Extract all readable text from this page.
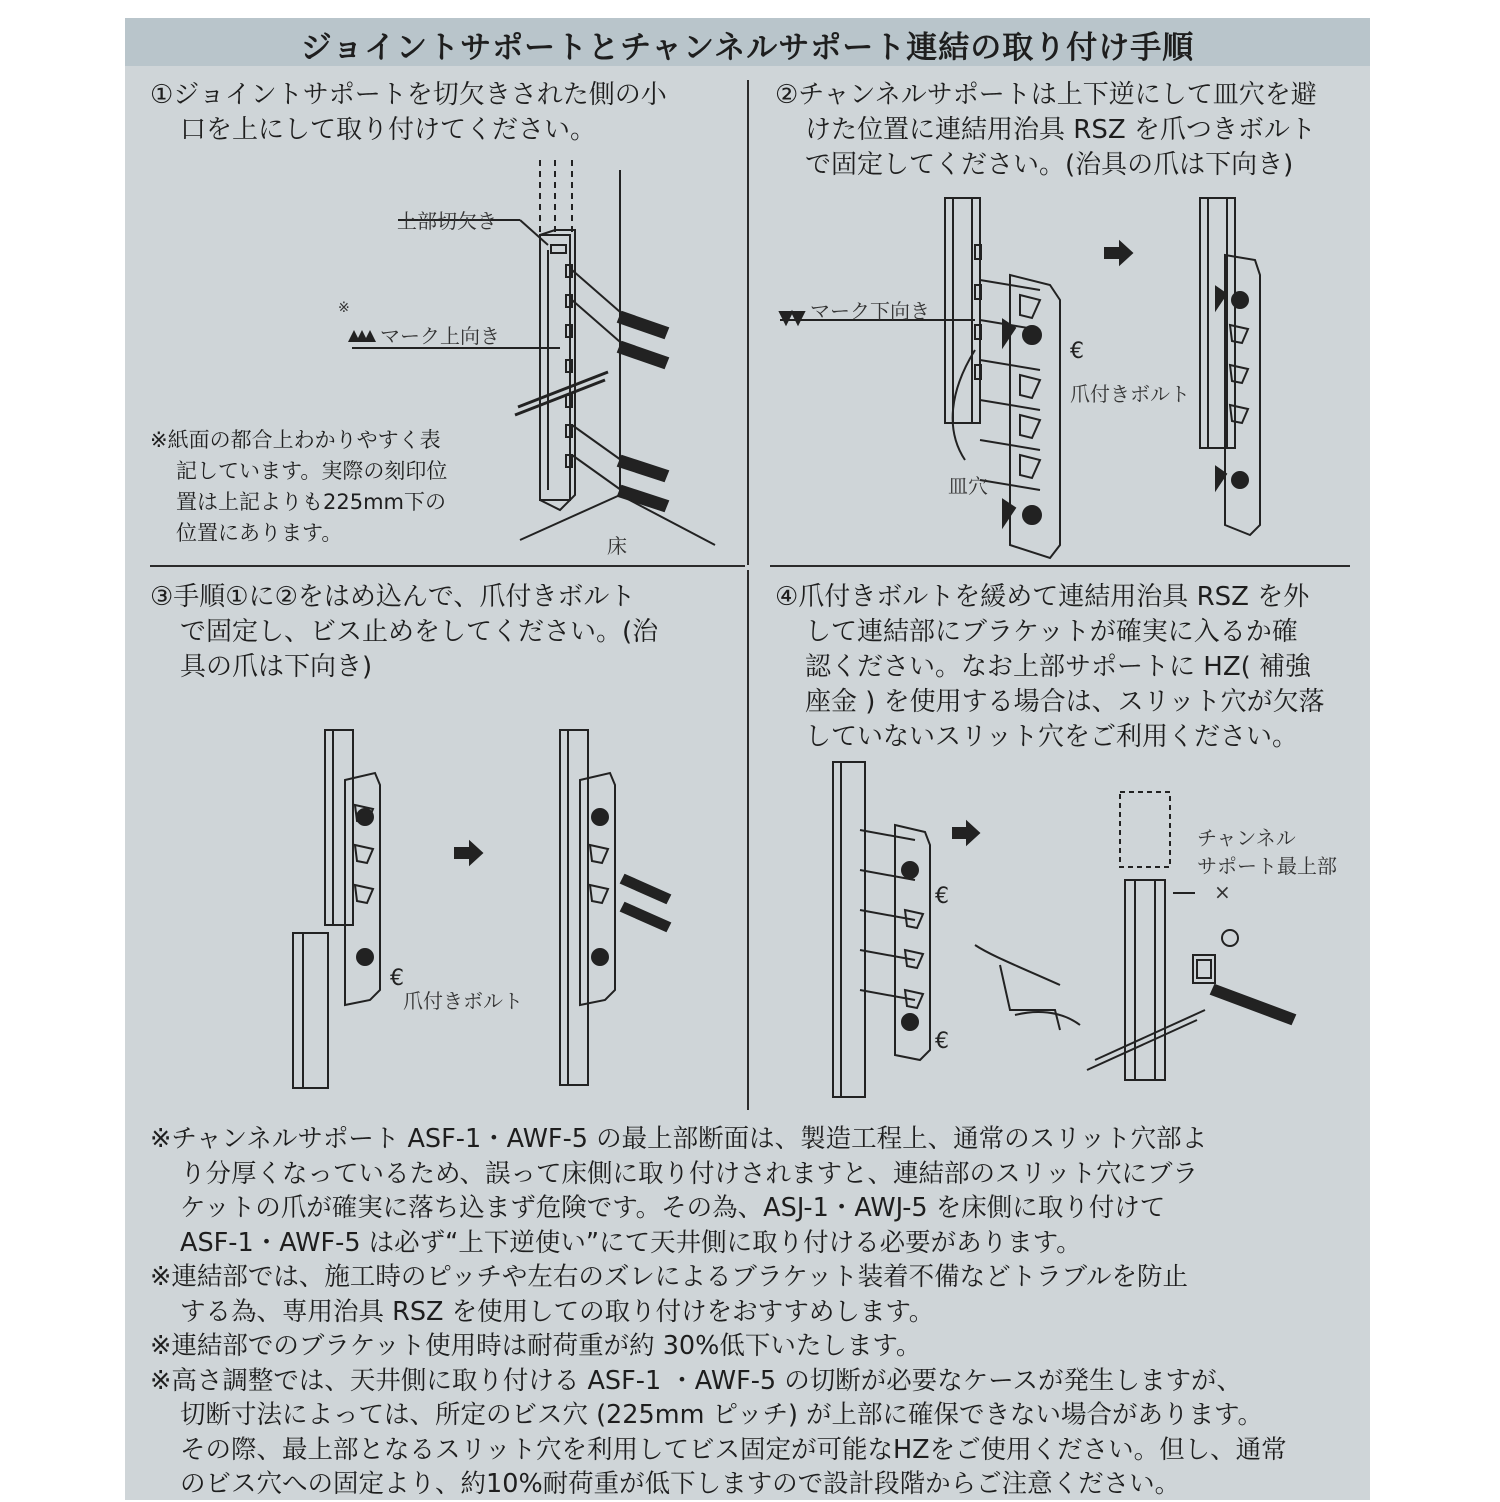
ジョイントサポートとチャンネルサポート連結の取り付け手順
①ジョイントサポートを切欠きされた側の小
口を上にして取り付けてください。
上部切欠き
※
マーク上向き
床
※紙面の都合上わかりやすく表
記しています。実際の刻印位
置は上記よりも225mm下の
位置にあります。
②チャンネルサポートは上下逆にして皿穴を避
けた位置に連結用治具 RSZ を爪つきボルト
で固定してください。(治具の爪は下向き)
€
マーク下向き
爪付きボルト
皿穴
③手順①に②をはめ込んで、爪付きボルト
で固定し、ビス止めをしてください。(治
具の爪は下向き)
€
爪付きボルト
④爪付きボルトを緩めて連結用治具 RSZ を外
して連結部にブラケットが確実に入るか確
認ください。なお上部サポートに HZ( 補強
座金 ) を使用する場合は、スリット穴が欠落
していないスリット穴をご利用ください。
€
€
チャンネル
サポート最上部
×
※チャンネルサポート ASF-1・AWF-5 の最上部断面は、製造工程上、通常のスリット穴部よ
り分厚くなっているため、誤って床側に取り付けされますと、連結部のスリット穴にブラ
ケットの爪が確実に落ち込まず危険です。その為、ASJ-1・AWJ-5 を床側に取り付けて
ASF-1・AWF-5 は必ず“上下逆使い”にて天井側に取り付ける必要があります。
※連結部では、施工時のピッチや左右のズレによるブラケット装着不備などトラブルを防止
する為、専用治具 RSZ を使用しての取り付けをおすすめします。
※連結部でのブラケット使用時は耐荷重が約 30%低下いたします。
※高さ調整では、天井側に取り付ける ASF-1 ・AWF-5 の切断が必要なケースが発生しますが、
切断寸法によっては、所定のビス穴 (225mm ピッチ) が上部に確保できない場合があります。
その際、最上部となるスリット穴を利用してビス固定が可能なHZをご使用ください。但し、通常
のビス穴への固定より、約10%耐荷重が低下しますので設計段階からご注意ください。
